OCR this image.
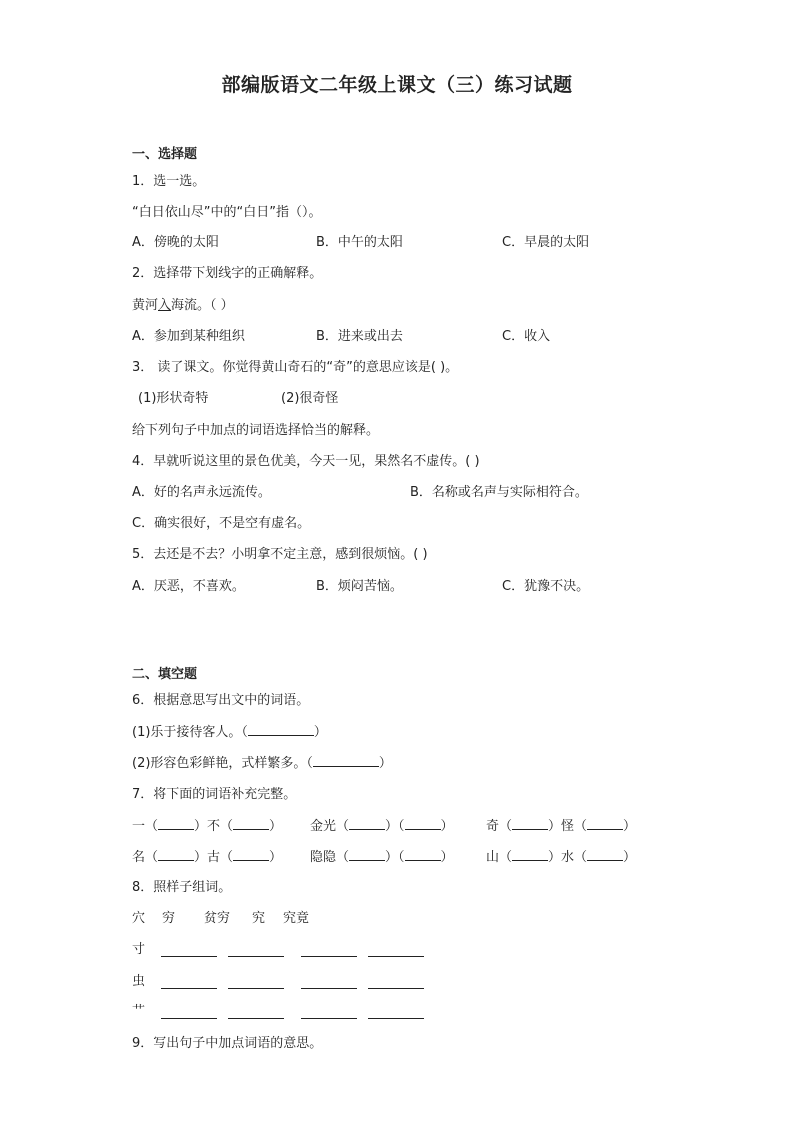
部编版语文二年级上课文（三）练习试题
一、选择题
1．选一选。
“白日依山尽”中的“白日”指（）。
A．傍晚的太阳	B．中午的太阳	C．早晨的太阳
2．选择带下划线字的正确解释。
黄河入海流。（ ）
A．参加到某种组织	B．进来或出去	C．收入
3． 读了课文。你觉得黄山奇石的“奇”的意思应该是( )。
(1)形状奇特	(2)很奇怪
给下列句子中加点的词语选择恰当的解释。
4．早就听说这里的景色优美，今天一见，果然名不虚传。( )
A．好的名声永远流传。	B．名称或名声与实际相符合。
C．确实很好，不是空有虚名。
5．去还是不去？小明拿不定主意，感到很烦恼。( )
A．厌恶，不喜欢。	B．烦闷苦恼。	C．犹豫不决。
二、填空题
6．根据意思写出文中的词语。
(1)乐于接待客人。（	）
(2)形容色彩鲜艳，式样繁多。（	）
7．将下面的词语补充完整。
一（	）不（	） 金光（	）（	） 奇（	）怪（	）
名（	）古（	） 隐隐（	）（	） 山（	）水（	）
8．照样子组词。
穴 穷 贫穷 究 究竟
寸
虫
艹
9．写出句子中加点词语的意思。
